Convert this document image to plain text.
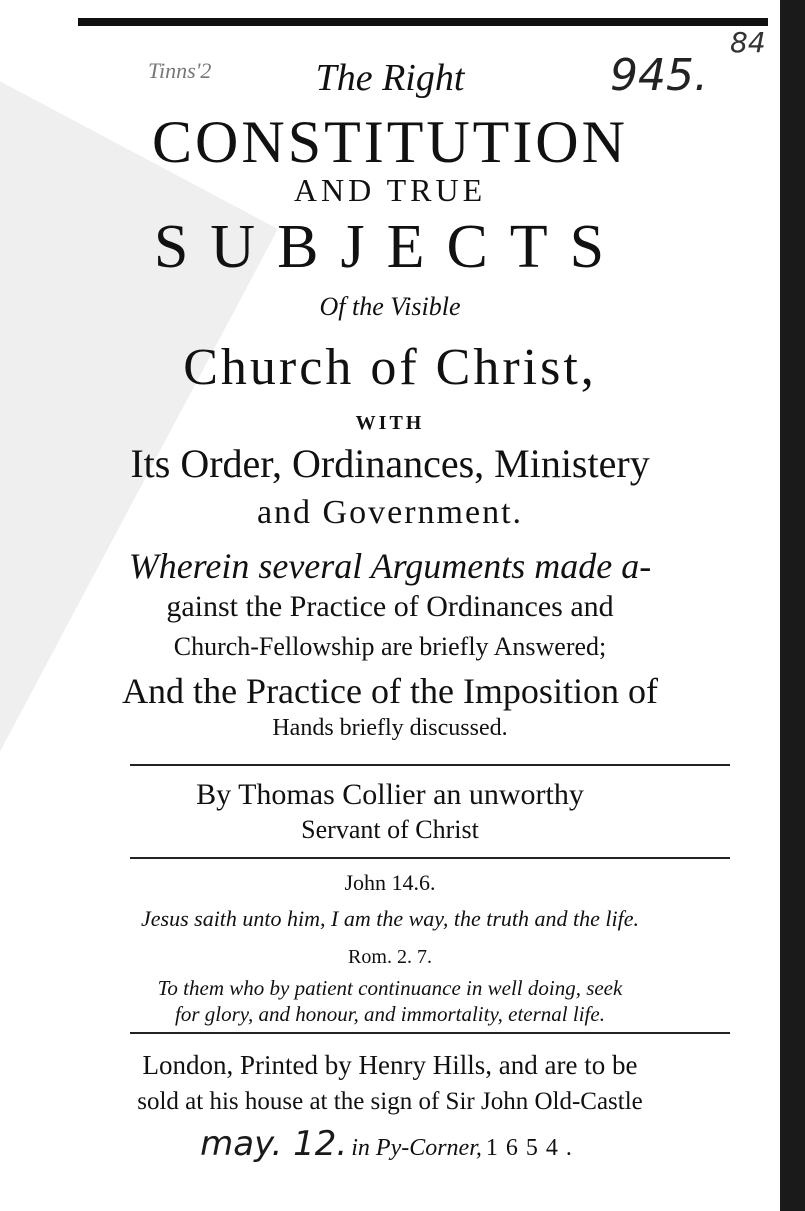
Tinns'2	945.
84
The Right
CONSTITUTION
AND TRUE
SUBJECTS
Of the Visible
Church of Christ,
WITH
Its Order, Ordinances, Ministery
and Government.
Wherein several Arguments made a-
gainst the Practice of Ordinances and
Church-Fellowship are briefly Answered;
And the Practice of the Imposition of
Hands briefly discussed.
By Thomas Collier an unworthy
Servant of Christ
John 14.6.
Jesus saith unto him, I am the way, the truth and the life.
Rom. 2. 7.
To them who by patient continuance in well doing, seek
for glory, and honour, and immortality, eternal life.
London, Printed by Henry Hills, and are to be
sold at his house at the sign of Sir John Old-Castle
may. 12. in Py-Corner, 1654.
